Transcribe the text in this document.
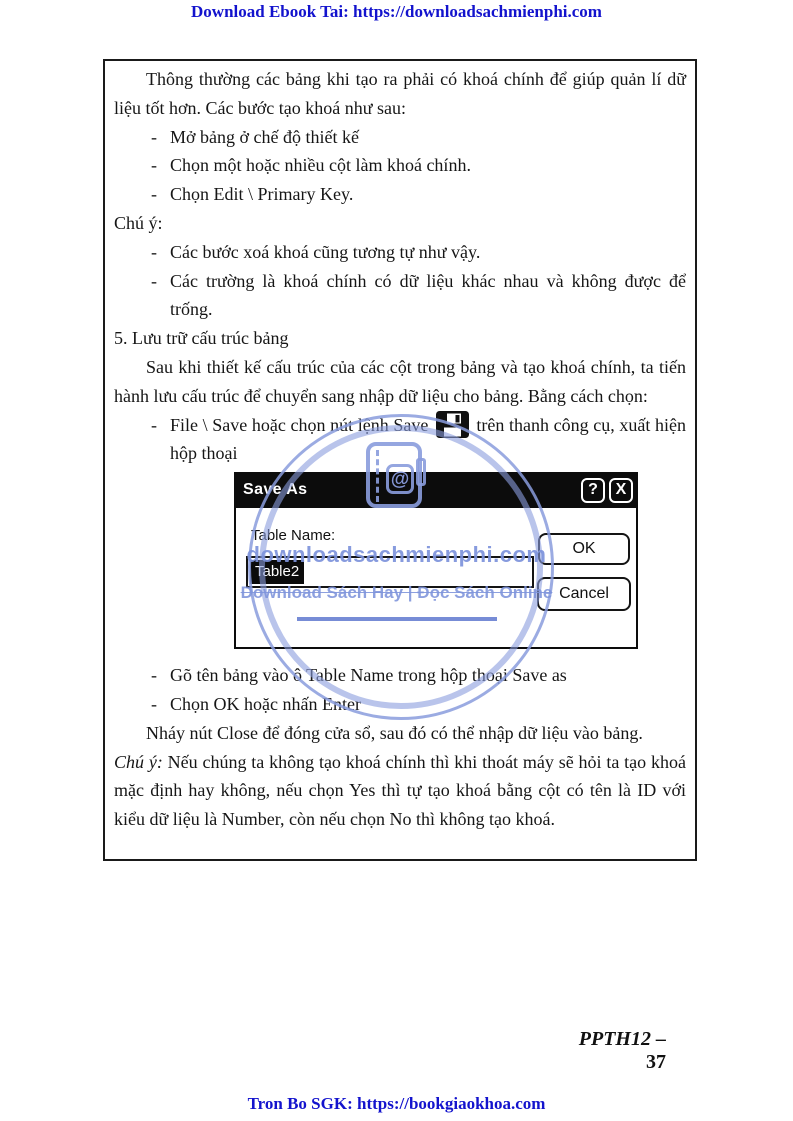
Download Ebook Tai: https://downloadsachmienphi.com

Thông thường các bảng khi tạo ra phải có khoá chính để giúp quản lí dữ liệu tốt hơn. Các bước tạo khoá như sau:

- Mở bảng ở chế độ thiết kế
- Chọn một hoặc nhiều cột làm khoá chính.
- Chọn Edit \ Primary Key.

Chú ý:

- Các bước xoá khoá cũng tương tự như vậy.
- Các trường là khoá chính có dữ liệu khác nhau và không được để trống.

5. Lưu trữ cấu trúc bảng

Sau khi thiết kế cấu trúc của các cột trong bảng và tạo khoá chính, ta tiến hành lưu cấu trúc để chuyển sang nhập dữ liệu cho bảng. Bằng cách chọn:

- File \ Save hoặc chọn nút lệnh Save	trên thanh công cụ, xuất hiện hộp thoại
Save As	?	X
Table Name:
Table2
OK
Cancel
- Gõ tên bảng vào ô Table Name trong hộp thoại Save as
- Chọn OK hoặc nhấn Enter

Nháy nút Close để đóng cửa sổ, sau đó có thể nhập dữ liệu vào bảng.

Chú ý: Nếu chúng ta không tạo khoá chính thì khi thoát máy sẽ hỏi ta tạo khoá mặc định hay không, nếu chọn Yes thì tự tạo khoá bằng cột có tên là ID với kiểu dữ liệu là Number, còn nếu chọn No thì không tạo khoá.

@
downloadsachmienphi.com
Download Sách Hay | Đọc Sách Online
PPTH12 –37
Tron Bo SGK: https://bookgiaokhoa.com
